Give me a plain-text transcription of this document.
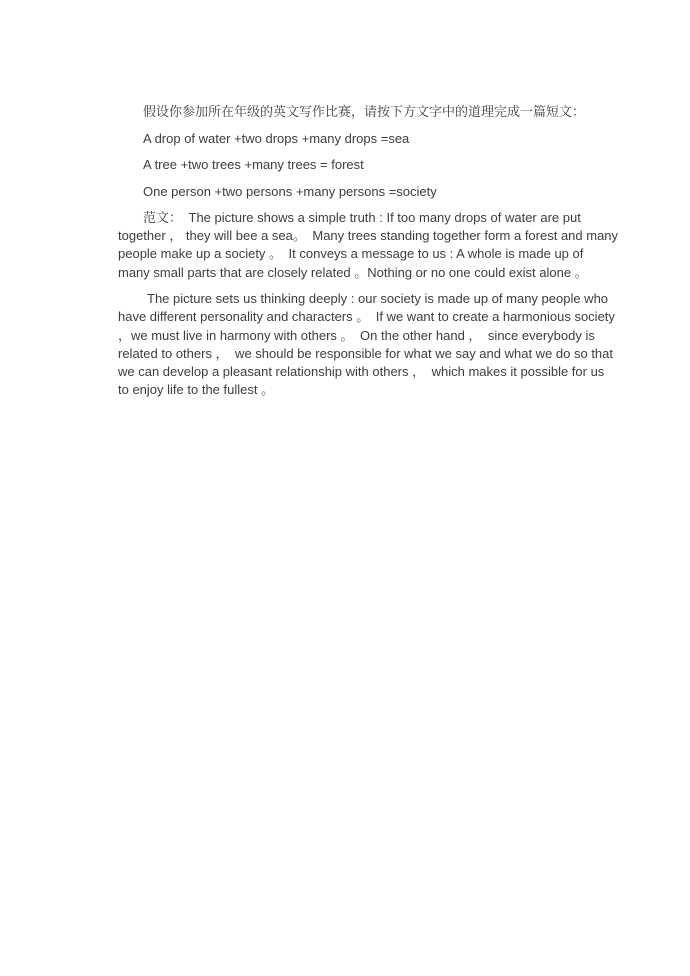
假设你参加所在年级的英文写作比赛，请按下方文字中的道理完成一篇短文：

A drop of water +two drops +many drops =sea

A tree +two trees +many trees = forest

One person +two persons +many persons =society

范文：　The picture shows a simple truth : If too many drops of water are put
together ， they will bee a sea。　Many trees standing together form a forest and many
people make up a society 。　It conveys a message to us : A whole is made up of
many small parts that are closely related 。Nothing or no one could exist alone 。
The picture sets us thinking deeply : our society is made up of many people who
have different personality and characters 。　If we want to create a harmonious society
，we must live in harmony with others 。　On the other hand ，　since everybody is
related to others ，　we should be responsible for what we say and what we do so that
we can develop a pleasant relationship with others ，　which makes it possible for us
to enjoy life to the fullest 。
